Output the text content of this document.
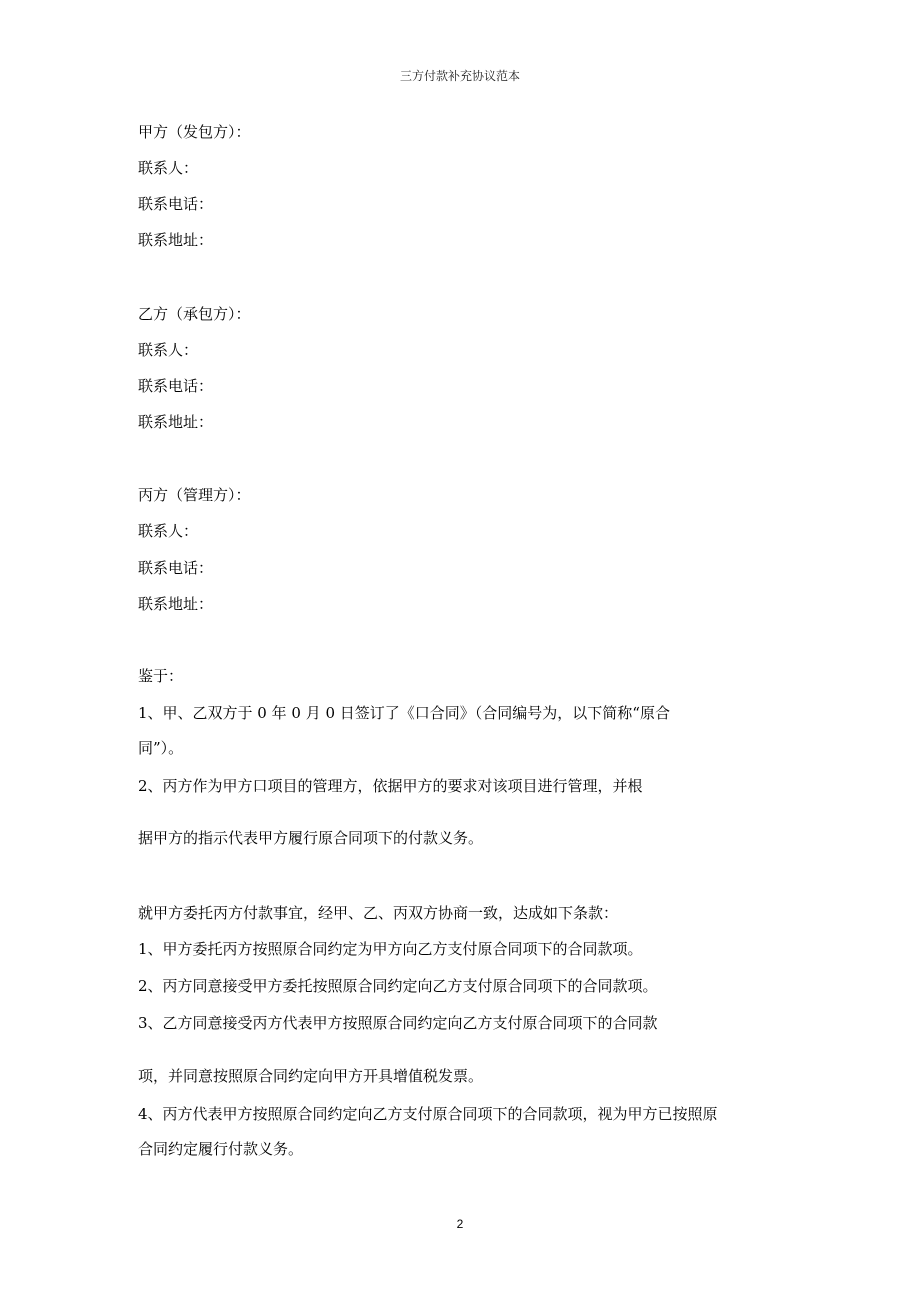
三方付款补充协议范本
甲方（发包方）：
联系人：
联系电话：
联系地址：
乙方（承包方）：
联系人：
联系电话：
联系地址：
丙方（管理方）：
联系人：
联系电话：
联系地址：
鉴于：
1、甲、乙双方于 0 年 0 月 0 日签订了《口合同》（合同编号为，以下简称“原合
同”）。
2、丙方作为甲方口项目的管理方，依据甲方的要求对该项目进行管理，并根
据甲方的指示代表甲方履行原合同项下的付款义务。
就甲方委托丙方付款事宜，经甲、乙、丙双方协商一致，达成如下条款：
1、甲方委托丙方按照原合同约定为甲方向乙方支付原合同项下的合同款项。
2、丙方同意接受甲方委托按照原合同约定向乙方支付原合同项下的合同款项。
3、乙方同意接受丙方代表甲方按照原合同约定向乙方支付原合同项下的合同款
项，并同意按照原合同约定向甲方开具增值税发票。
4、丙方代表甲方按照原合同约定向乙方支付原合同项下的合同款项，视为甲方已按照原
合同约定履行付款义务。
2
